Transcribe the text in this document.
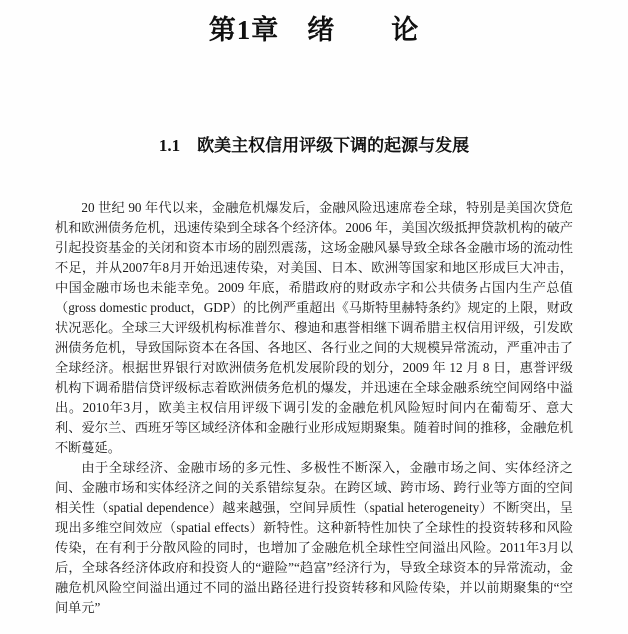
第1章　绪　　论
1.1　欧美主权信用评级下调的起源与发展

20 世纪 90 年代以来，金融危机爆发后，金融风险迅速席卷全球，特别是美国次贷危机和欧洲债务危机，迅速传染到全球各个经济体。2006 年，美国次级抵押贷款机构的破产引起投资基金的关闭和资本市场的剧烈震荡，这场金融风暴导致全球各金融市场的流动性不足，并从2007年8月开始迅速传染，对美国、日本、欧洲等国家和地区形成巨大冲击，中国金融市场也未能幸免。2009 年底，希腊政府的财政赤字和公共债务占国内生产总值（gross domestic product，GDP）的比例严重超出《马斯特里赫特条约》规定的上限，财政状况恶化。全球三大评级机构标准普尔、穆迪和惠誉相继下调希腊主权信用评级，引发欧洲债务危机，导致国际资本在各国、各地区、各行业之间的大规模异常流动，严重冲击了全球经济。根据世界银行对欧洲债务危机发展阶段的划分，2009 年 12 月 8 日，惠誉评级机构下调希腊信贷评级标志着欧洲债务危机的爆发，并迅速在全球金融系统空间网络中溢出。2010年3月，欧美主权信用评级下调引发的金融危机风险短时间内在葡萄牙、意大利、爱尔兰、西班牙等区域经济体和金融行业形成短期聚集。随着时间的推移，金融危机不断蔓延。

由于全球经济、金融市场的多元性、多极性不断深入，金融市场之间、实体经济之间、金融市场和实体经济之间的关系错综复杂。在跨区域、跨市场、跨行业等方面的空间相关性（spatial dependence）越来越强，空间异质性（spatial heterogeneity）不断突出，呈现出多维空间效应（spatial effects）新特性。这种新特性加快了全球性的投资转移和风险传染，在有利于分散风险的同时，也增加了金融危机全球性空间溢出风险。2011年3月以后，全球各经济体政府和投资人的“避险”“趋富”经济行为，导致全球资本的异常流动，金融危机风险空间溢出通过不同的溢出路径进行投资转移和风险传染，并以前期聚集的“空间单元”
